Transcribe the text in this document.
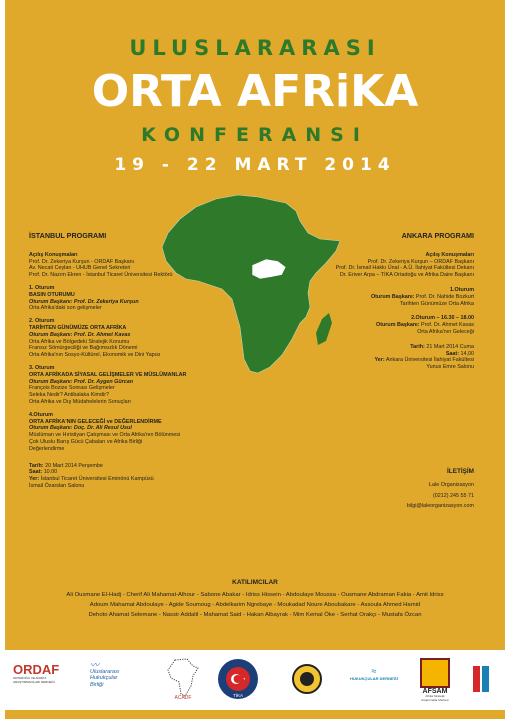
ULUSLARARASI
ORTA AFRiKA
KONFERANSI
19 - 22 MART 2014
İSTANBUL PROGRAMI
Açılış Konuşmaları
Prof. Dr. Zekeriya Kurşun - ORDAF Başkanı
Av. Necati Ceylan - UHUB Genel Sekreteri
Prof. Dr. Nazım Ekren - İstanbul Ticaret Üniversitesi Rektörü
1. Oturum
BASIN OTURUMU
Oturum Başkanı: Prof. Dr. Zekeriya Kurşun
Orta Afrika'daki son gelişmeler
2. Oturum
TARİHTEN GÜNÜMÜZE ORTA AFRİKA
Oturum Başkanı: Prof. Dr. Ahmet Kavas
Orta Afrika ve Bölgedeki Stratejik Konumu
Fransız Sömürgeciliği ve Bağımsızlık Dönemi
Orta Afrika'nın Sosyo-Kültürel, Ekonomik ve Dini Yapısı
3. Oturum
ORTA AFRİKADA SİYASAL GELİŞMELER VE MÜSLÜMANLAR
Oturum Başkanı: Prof. Dr. Aygen Gürcan
François Bozize Sonrası Gelişmeler
Seleka Nedir? Antibalaka Kimdir?
Orta Afrika ve Dış Müdahelelerin Sonuçları
4.Oturum
ORTA AFRİKA'NIN GELECEĞİ ve DEĞERLENDİRME
Oturum Başkanı: Doç. Dr. Ali Resul Usul
Müslüman ve Hıristiyan Çatışması ve Orta Afrika'nın Bölünmesi
Çok Uluslu Barış Gücü Çabaları ve Afrika Birliği
Değerlendirme
Tarih: 20 Mart 2014 Perşembe
Saat: 10.00
Yer: İstanbul Ticaret Üniversitesi Eminönü Kampüsü
İsmail Özarslan Salonu
ANKARA PROGRAMI
Açılış Konuşmaları
Prof. Dr. Zekeriya Kurşun – ORDAF Başkanı
Prof. Dr. İsmail Hakkı Ünal - A.Ü. İlahiyat Fakültesi Dekanı
Dr. Eriver Arpa – TİKA Ortadoğu ve Afrika Daire Başkanı
1.Oturum
Oturum Başkanı: Prof. Dr. Nahide Bozkurt
Tarihten Günümüze Orta Afrika
2.Oturum – 16.30 – 18.00
Oturum Başkanı: Prof. Dr. Ahmet Kavas
Orta Afrika'nın Geleceği
Tarih: 21 Mart 2014 Cuma
Saat: 14,00
Yer: Ankara Üniversitesi İlahiyat Fakültesi
Yunus Emre Salonu
İLETİŞİM
Lale Organizasyon
(0212) 245 55 71
bilgi@laleorganizasyon.com
KATILIMCILAR
Ali Ousmane El-Hadj - Cherif Ali Mahamat-Alhour - Sabone Abakar - Idriss Hissein - Abdoulaye Moussa - Ousmane Abdraman Fakia - Amit Idriss
Adoum Mahamat Abdoulaye - Agide Soumoug - Abdelkarim Ngrebaye - Moukadad Noure Aboubakare - Assoula Ahmed Hamid
Dehoto Ahamat Selemane - Nassir Addalil - Mahamat Said - Hakan Albayrak - Mim Kemal Öke - Serhat Orakçı - Mustafa Özcan
ORDAF
ORTADOĞU VE AFRİKA ARAŞTIRMACILARI DERNEĞİ
〰
Uluslararası
Hukukçular
Birliği
ACADF	TİKA
≈
HUKUKÇULAR DERNEĞİ
AFSAM
Afrika Stratejik
Araştırmalar Merkezi
